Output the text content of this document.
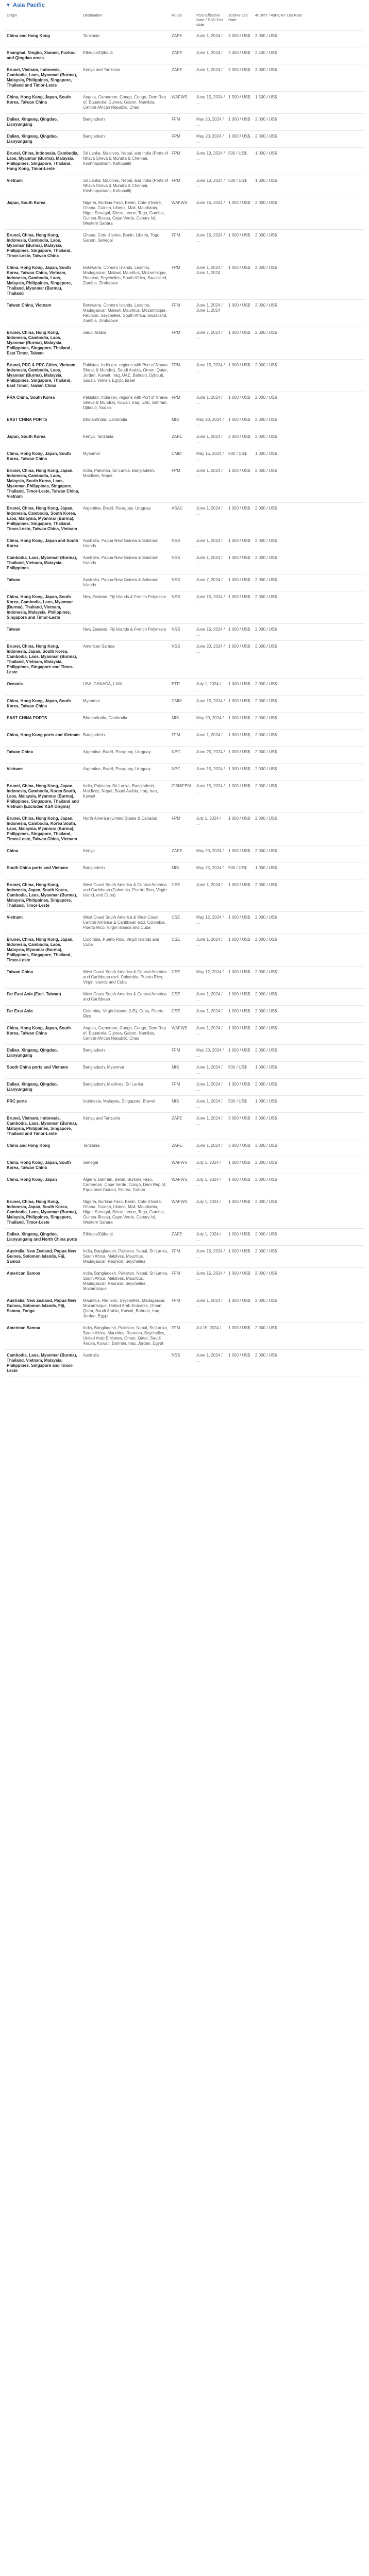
▼ Asia Pacific
Origin	Destination	Route	PSS Effective Date / PSS End date	20DRY List Rate	40DRY / 40HDRY List Rate
China and Hong Kong	Tanzania	ZAFE	June 1, 2024 / ...	3 000 / US$	3 000 / US$
Shanghai, Ningbo, Xiamen, Fuzhou and Qingdao areas	Ethiopia/Djibouti	ZAFE	June 1, 2024 / ...	2 400 / US$	2 400 / US$
Brunei, Vietnam, Indonesia, Cambodia, Laos, Myanmar (Burma), Malaysia, Philippines, Singapore, Thailand and Timor-Leste	Kenya and Tanzania	ZAFE	June 1, 2024 / ...	3 000 / US$	3 000 / US$
China, Hong Kong, Japan, South Korea, Taiwan China	Angola, Cameroon, Congo, Congo, Dem Rep of, Equatorial Guinea, Gabon, Namibia, Central African Republic, Chad	WAFWS	June 15, 2024 / ...	1 500 / US$	1 500 / US$
Dalian, Xingang, Qingdao, Lianyungang	Bangladesh	FFM	May 20, 2024 / ...	1 000 / US$	2 000 / US$
Dalian, Xingang, Qingdao, Lianyungang	Bangladesh	FPM	May 20, 2024 / ...	1 000 / US$	2 000 / US$
Brunei, China, Indonesia, Cambodia, Laos, Myanmar (Burma), Malaysia, Philippines, Singapore, Thailand, Hong Kong, Timor-Leste	Sri Lanka, Maldives, Nepal, and India (Ports of Nhava Sheva & Mundra & Chennai, Krishnapatnam, Kattupalli)	FPM	June 10, 2024 / ...	500 / US$	1 000 / US$
Vietnam	Sri Lanka, Maldives, Nepal, and India (Ports of Nhava Sheva & Mundra & Chennai, Krishnapatnam, Kattupalli)	FPM	June 10, 2024 / ...	500 / US$	1 000 / US$
Japan, South Korea	Nigeria, Burkina Faso, Benin, Cote d'Ivoire, Ghana, Guinea, Liberia, Mali, Mauritania, Niger, Senegal, Sierra Leone, Togo, Gambia, Guinea-Bissau, Cape Verde, Canary Isl, Western Sahara	WAFWS	June 15, 2024 / ...	1 000 / US$	2 000 / US$
Brunei, China, Hong Kong, Indonesia, Cambodia, Laos, Myanmar (Burma), Malaysia, Philippines, Singapore, Thailand, Timor-Leste, Taiwan China	Ghana, Cote d'Ivoire, Benin, Liberia, Togo, Gabon, Senegal	FFM	June 15, 2024 / ...	1 000 / US$	2 000 / US$
China, Hong Kong, Japan, South Korea, Taiwan China, Vietnam, Indonesia, Cambodia, Laos, Malaysia, Philippines, Singapore, Thailand, Myanmar (Burma), Thailand	Botswana, Comoro Islands, Lesotho, Madagascar, Malawi, Mauritius, Mozambique, Reunion, Seychelles, South Africa, Swaziland, Zambia, Zimbabwe	FPM	June 1, 2024 / June 1, 2024	1 000 / US$	2 000 / US$
Taiwan China, Vietnam	Botswana, Comoro Islands, Lesotho, Madagascar, Malawi, Mauritius, Mozambique, Reunion, Seychelles, South Africa, Swaziland, Zambia, Zimbabwe	FFM	June 1, 2024 / June 1, 2024	1 000 / US$	2 000 / US$
Brunei, China, Hong Kong, Indonesia, Cambodia, Laos, Myanmar (Burma), Malaysia, Philippines, Singapore, Thailand, East Timor, Taiwan	Saudi Arabia	FPM	June 7, 2024 / ...	1 000 / US$	2 000 / US$
Brunei, PRC & PRC Cities, Vietnam, Indonesia, Cambodia, Laos, Myanmar (Burma), Malaysia, Philippines, Singapore, Thailand, East Timor, Taiwan China	Pakistan, India (ex. regions with Port of Nhava Sheva & Mundra), Saudi Arabia, Oman, Qatar, Jordan, Kuwait, Iraq, UAE, Bahrain, Djibouti, Sudan, Yemen, Egypt, Israel	FPM	June 15, 2024 / ...	1 000 / US$	2 000 / US$
PRA China, South Korea	Pakistan, India (ex. regions with Port of Nhava Sheva & Mundra), Kuwait, Iraq, UAE, Bahrain, Djibouti, Sudan	FPM	June 1, 2024 / ...	1 000 / US$	2 000 / US$
EAST CHINA PORTS	Bhutan/India, Cambodia	MIS	May 20, 2024 / ...	1 000 / US$	2 000 / US$
Japan, South Korea	Kenya, Tanzania	ZAFE	June 1, 2024 / ...	2 000 / US$	2 000 / US$
China, Hong Kong, Japan, South Korea, Taiwan China	Myanmar	CMM	May 15, 2024 / ...	500 / US$	1 000 / US$
Brunei, China, Hong Kong, Japan, Indonesia, Cambodia, Laos, Malaysia, South Korea, Laos, Myanmar, Philippines, Singapore, Thailand, Timor-Leste, Taiwan China, Vietnam	India, Pakistan, Sri Lanka, Bangladesh, Maldives, Nepal	FPM	June 1, 2024 / ...	1 000 / US$	2 000 / US$
Brunei, China, Hong Kong, Japan, Indonesia, Cambodia, South Korea, Laos, Malaysia, Myanmar (Burma), Philippines, Singapore, Thailand, Timor-Leste, Taiwan China, Vietnam	Argentina, Brazil, Paraguay, Uruguay	ASAC	June 1, 2024 / ...	1 000 / US$	2 000 / US$
China, Hong Kong, Japan and South Korea	Australia, Papua New Guinea & Solomon Islands	NSS	June 1, 2024 / ...	1 000 / US$	2 000 / US$
Cambodia, Laos, Myanmar (Burma), Thailand, Vietnam, Malaysia, Philippines	Australia, Papua New Guinea & Solomon Islands	NSS	June 1, 2024 / ...	1 000 / US$	2 000 / US$
Taiwan	Australia, Papua New Guinea & Solomon Islands	NSS	June 7, 2024 / ...	1 000 / US$	2 000 / US$
China, Hong Kong, Japan, South Korea, Cambodia, Laos, Myanmar (Burma), Thailand, Vietnam, Indonesia, Malaysia, Philippines, Singapore and Timor-Leste	New Zealand, Fiji Islands & French Polynesia	NSS	June 15, 2024 / ...	1 000 / US$	2 000 / US$
Taiwan	New Zealand, Fiji Islands & French Polynesia	NSS	June 15, 2024 / ...	1 000 / US$	2 000 / US$
Brunei, China, Hong Kong, Indonesia, Japan, South Korea, Cambodia, Laos, Myanmar (Burma), Thailand, Vietnam, Malaysia, Philippines, Singapore and Timor-Leste	American Samoa	NSS	June 20, 2024 / ...	1 000 / US$	2 000 / US$
Oceania	USA, CANADA, LAM	ETR	July 1, 2024 / ...	1 000 / US$	2 000 / US$
China, Hong Kong, Japan, South Korea, Taiwan China	Myanmar	CMM	June 15, 2024 / ...	1 000 / US$	2 000 / US$
EAST CHINA PORTS	Bhutan/India, Cambodia	MIS	May 20, 2024 / ...	1 000 / US$	2 000 / US$
China, Hong Kong ports and Vietnam	Bangladesh	FFM	June 1, 2024 / ...	1 000 / US$	2 000 / US$
Taiwan China	Argentina, Brazil, Paraguay, Uruguay	NPG	June 25, 2024 / ...	1 000 / US$	2 000 / US$
Vietnam	Argentina, Brazil, Paraguay, Uruguay	NPG	June 15, 2024 / ...	1 000 / US$	2 000 / US$
Brunei, China, Hong Kong, Japan, Indonesia, Cambodia, Korea South, Laos, Malaysia, Myanmar (Burma), Philippines, Singapore, Thailand and Vietnam (Excluded KSA Origins)	India, Pakistan, Sri Lanka, Bangladesh, Maldives, Nepal, Saudi Arabia, Iraq, Iran, Kuwait	ITSN/FPM	June 15, 2024 / ...	1 000 / US$	2 000 / US$
Brunei, China, Hong Kong, Japan, Indonesia, Cambodia, Korea South, Laos, Malaysia, Myanmar (Burma), Philippines, Singapore, Thailand, Timor-Leste, Taiwan China, Vietnam	North America (United States & Canada)	FPM	July 1, 2024 / ...	1 000 / US$	2 000 / US$
China	Kenya	ZAFE	May 20, 2024 / ...	1 000 / US$	2 000 / US$
South China ports and Vietnam	Bangladesh	MIS	May 25, 2024 / ...	500 / US$	1 000 / US$
Brunei, China, Hong Kong, Indonesia, Japan, South Korea, Cambodia, Laos, Myanmar (Burma), Malaysia, Philippines, Singapore, Thailand, Timor-Leste	West Coast South America & Central America and Caribbean (Colombia, Puerto Rico, Virgin Island, and Cuba)	CSE	June 1, 2024 / ...	1 000 / US$	2 000 / US$
Vietnam	West Coast South America & West Coast Central America & Caribbean excl. Colombia, Puerto Rico, Virgin Islands and Cuba	CSE	May 12, 2024 / ...	1 000 / US$	2 000 / US$
Brunei, China, Hong Kong, Japan, Indonesia, Cambodia, Laos, Malaysia, Myanmar (Burma), Philippines, Singapore, Thailand, Timor-Leste	Colombia, Puerto Rico, Virgin Islands and Cuba	CSE	June 1, 2024 / ...	1 000 / US$	2 000 / US$
Taiwan China	West Coast South America & Central America and Caribbean excl. Colombia, Puerto Rico, Virgin Islands and Cuba	CSE	May 12, 2024 / ...	1 000 / US$	2 000 / US$
Far East Asia (Excl. Taiwan)	West Coast South America & Central America and Caribbean	CSE	June 1, 2024 / ...	1 000 / US$	2 000 / US$
Far East Asia	Colombia, Virgin Islands (US), Cuba, Puerto Rico	CSE	June 1, 2024 / ...	1 000 / US$	2 000 / US$
China, Hong Kong, Japan, South Korea, Taiwan China	Angola, Cameroon, Congo, Congo, Dem Rep of, Equatorial Guinea, Gabon, Namibia, Central African Republic, Chad	WAFWS	June 1, 2024 / ...	1 000 / US$	2 000 / US$
Dalian, Xingang, Qingdao, Lianyungang	Bangladesh	FFM	May 20, 2024 / ...	1 000 / US$	2 000 / US$
South China ports and Vietnam	Bangladesh, Myanmar	MIS	June 1, 2024 / ...	500 / US$	1 000 / US$
Dalian, Xingang, Qingdao, Lianyungang	Bangladesh, Maldives, Sri Lanka	FFM	June 1, 2024 / ...	1 000 / US$	2 000 / US$
PRC ports	Indonesia, Malaysia, Singapore, Brunei	MIS	June 1, 2024 / ...	500 / US$	1 000 / US$
Brunei, Vietnam, Indonesia, Cambodia, Laos, Myanmar (Burma), Malaysia, Philippines, Singapore, Thailand and Timor-Leste	Kenya and Tanzania	ZAFE	June 1, 2024 / ...	3 000 / US$	3 000 / US$
China and Hong Kong	Tanzania	ZAFE	June 1, 2024 / ...	3 000 / US$	3 000 / US$
China, Hong Kong, Japan, South Korea, Taiwan China	Senegal	WAFWS	July 1, 2024 / ...	1 000 / US$	2 000 / US$
China, Hong Kong, Japan	Algeria, Bahrain, Benin, Burkina Faso, Cameroon, Cape Verde, Congo, Dem Rep of, Equatorial Guinea, Eritrea, Gabon	WAFWS	July 1, 2024 / ...	1 000 / US$	2 000 / US$
Brunei, China, Hong Kong, Indonesia, Japan, South Korea, Cambodia, Laos, Myanmar (Burma), Malaysia, Philippines, Singapore, Thailand, Timor-Leste	Nigeria, Burkina Faso, Benin, Cote d'Ivoire, Ghana, Guinea, Liberia, Mali, Mauritania, Niger, Senegal, Sierra Leone, Togo, Gambia, Guinea-Bissau, Cape Verde, Canary Isl, Western Sahara	WAFWS	July 1, 2024 / ...	1 000 / US$	2 000 / US$
Dalian, Xingang, Qingdao, Lianyungang and North China ports	Ethiopia/Djibouti	ZAFE	July 1, 2024 / ...	1 000 / US$	2 000 / US$
Australia, New Zealand, Papua New Guinea, Solomon Islands, Fiji, Samoa	India, Bangladesh, Pakistan, Nepal, Sri Lanka, South Africa, Maldives, Mauritius, Madagascar, Reunion, Seychelles	FFM	June 15, 2024 / ...	1 000 / US$	2 000 / US$
American Samoa	India, Bangladesh, Pakistan, Nepal, Sri Lanka, South Africa, Maldives, Mauritius, Madagascar, Reunion, Seychelles, Mozambique	FFM	June 15, 2024 / ...	1 000 / US$	2 000 / US$
Australia, New Zealand, Papua New Guinea, Solomon Islands, Fiji, Samoa, Tonga	Mauritius, Reunion, Seychelles, Madagascar, Mozambique, United Arab Emirates, Oman, Qatar, Saudi Arabia, Kuwait, Bahrain, Iraq, Jordan, Egypt	FFM	June 1, 2024 / ...	1 000 / US$	2 000 / US$
American Samoa	India, Bangladesh, Pakistan, Nepal, Sri Lanka, South Africa, Mauritius, Reunion, Seychelles, United Arab Emirates, Oman, Qatar, Saudi Arabia, Kuwait, Bahrain, Iraq, Jordan, Egypt	FFM	Jul 15, 2024 / ...	1 000 / US$	2 000 / US$
Cambodia, Laos, Myanmar (Burma), Thailand, Vietnam, Malaysia, Philippines, Singapore and Timor-Leste	Australia	NSS	June 1, 2024 / ...	1 000 / US$	2 000 / US$
